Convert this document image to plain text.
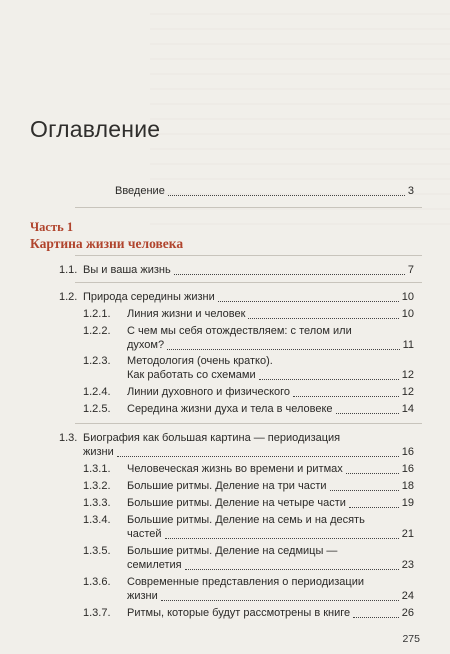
Оглавление
Введение	3
Часть 1
Картина жизни человека
1.1. Вы и ваша жизнь	7
1.2. Природа середины жизни	10
1.2.1. Линия жизни и человек	10
1.2.2. С чем мы себя отождествляем: с телом или
духом?	11
1.2.3. Методология (очень кратко).
Как работать со схемами	12
1.2.4. Линии духовного и физического	12
1.2.5. Середина жизни духа и тела в человеке	14
1.3. Биография как большая картина — периодизация
жизни	16
1.3.1. Человеческая жизнь во времени и ритмах	16
1.3.2. Большие ритмы. Деление на три части	18
1.3.3. Большие ритмы. Деление на четыре части	19
1.3.4. Большие ритмы. Деление на семь и на десять
частей	21
1.3.5. Большие ритмы. Деление на седмицы —
семилетия	23
1.3.6. Современные представления о периодизации
жизни	24
1.3.7. Ритмы, которые будут рассмотрены в книге	26
275
